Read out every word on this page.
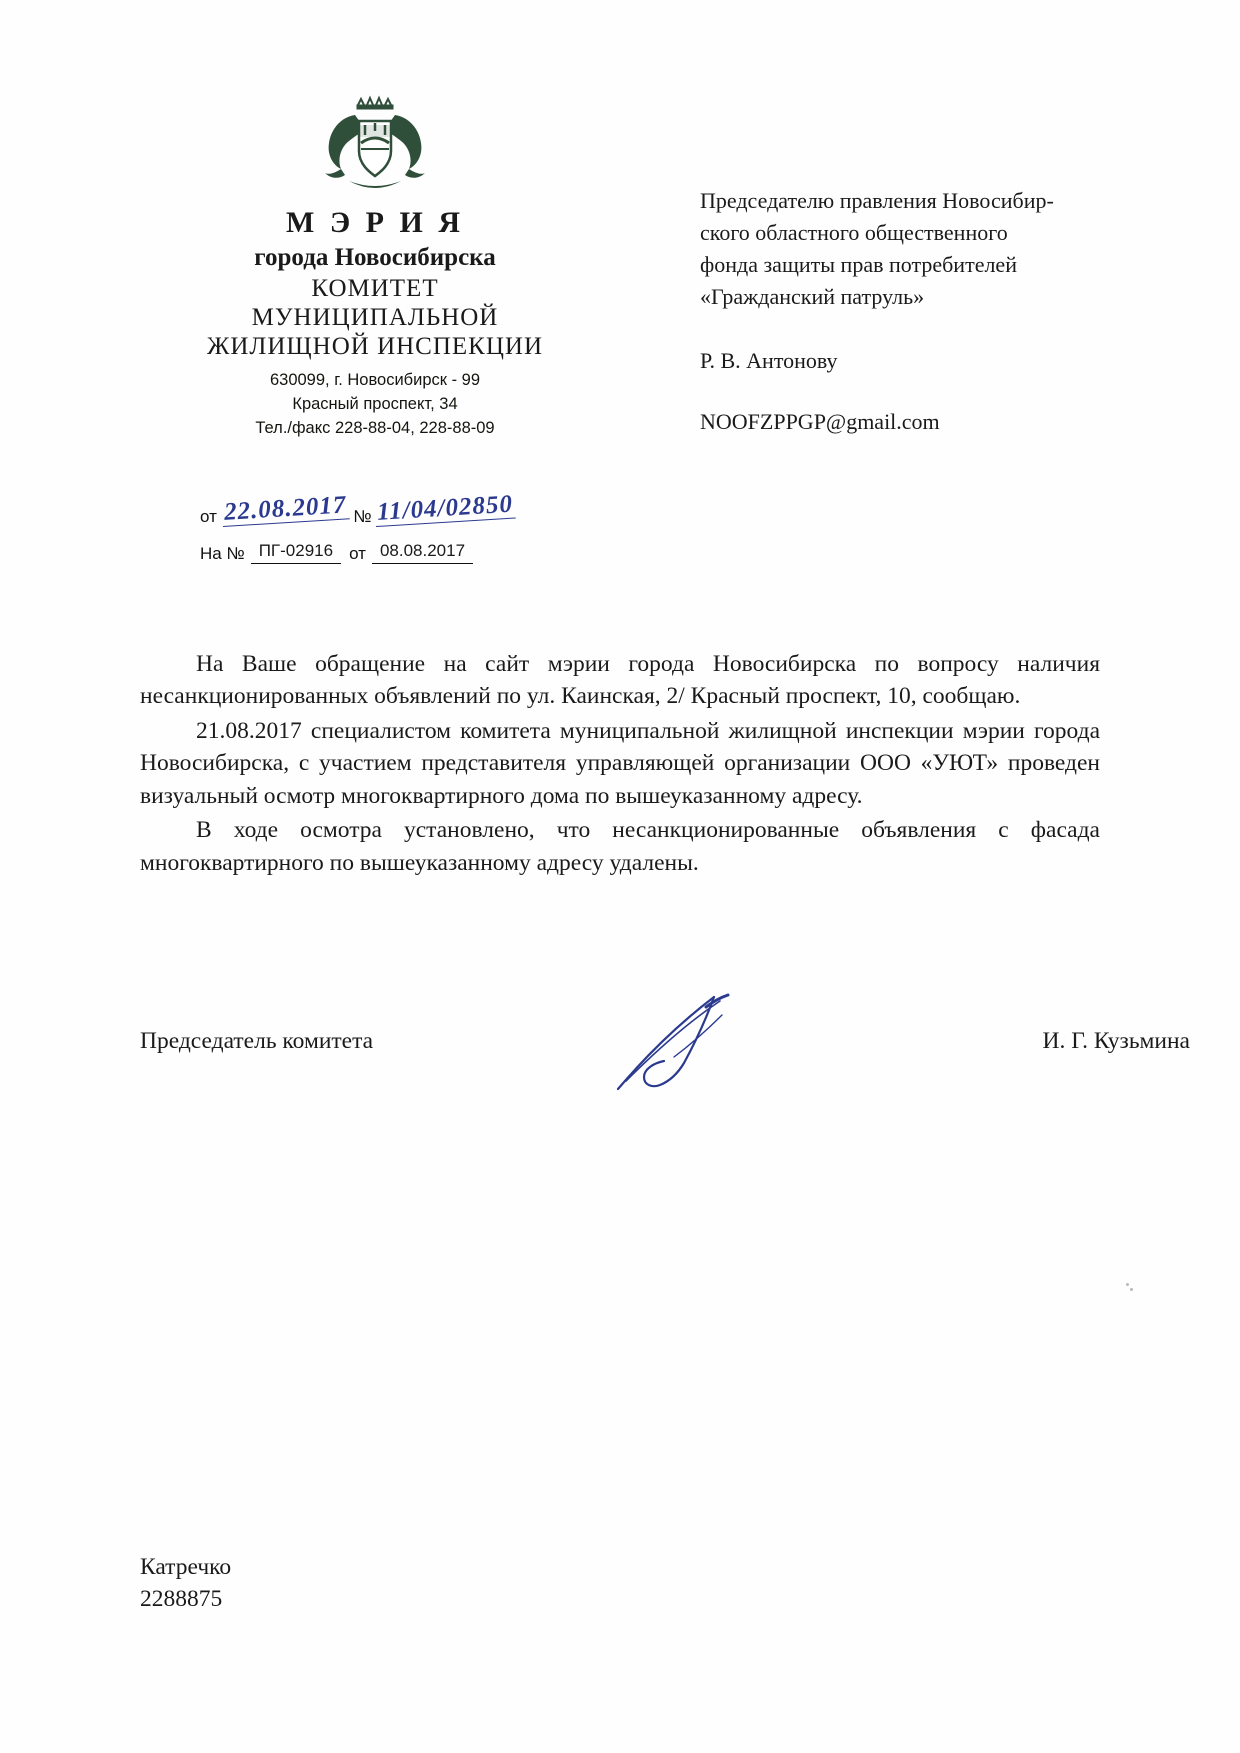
М Э Р И Я
города Новосибирска
КОМИТЕТ
МУНИЦИПАЛЬНОЙ
ЖИЛИЩНОЙ ИНСПЕКЦИИ
630099, г. Новосибирск - 99
Красный проспект, 34
Тел./факс 228-88-04, 228-88-09
от 22.08.2017 № 11/04/02850
На № ПГ-02916 от 08.08.2017
Председателю правления Новосибир-
ского областного общественного
фонда защиты прав потребителей
«Гражданский патруль»
Р. В. Антонову
NOOFZPPGP@gmail.com

На Ваше обращение на сайт мэрии города Новосибирска по вопросу наличия несанкционированных объявлений по ул. Каинская, 2/ Красный проспект, 10, сообщаю.

21.08.2017 специалистом комитета муниципальной жилищной инспекции мэрии города Новосибирска, с участием представителя управляющей организации ООО «УЮТ» проведен визуальный осмотр многоквартирного дома по вышеуказанному адресу.

В ходе осмотра установлено, что несанкционированные объявления с фасада многоквартирного по вышеуказанному адресу удалены.

Председатель комитета	И. Г. Кузьмина
Катречко
2288875
